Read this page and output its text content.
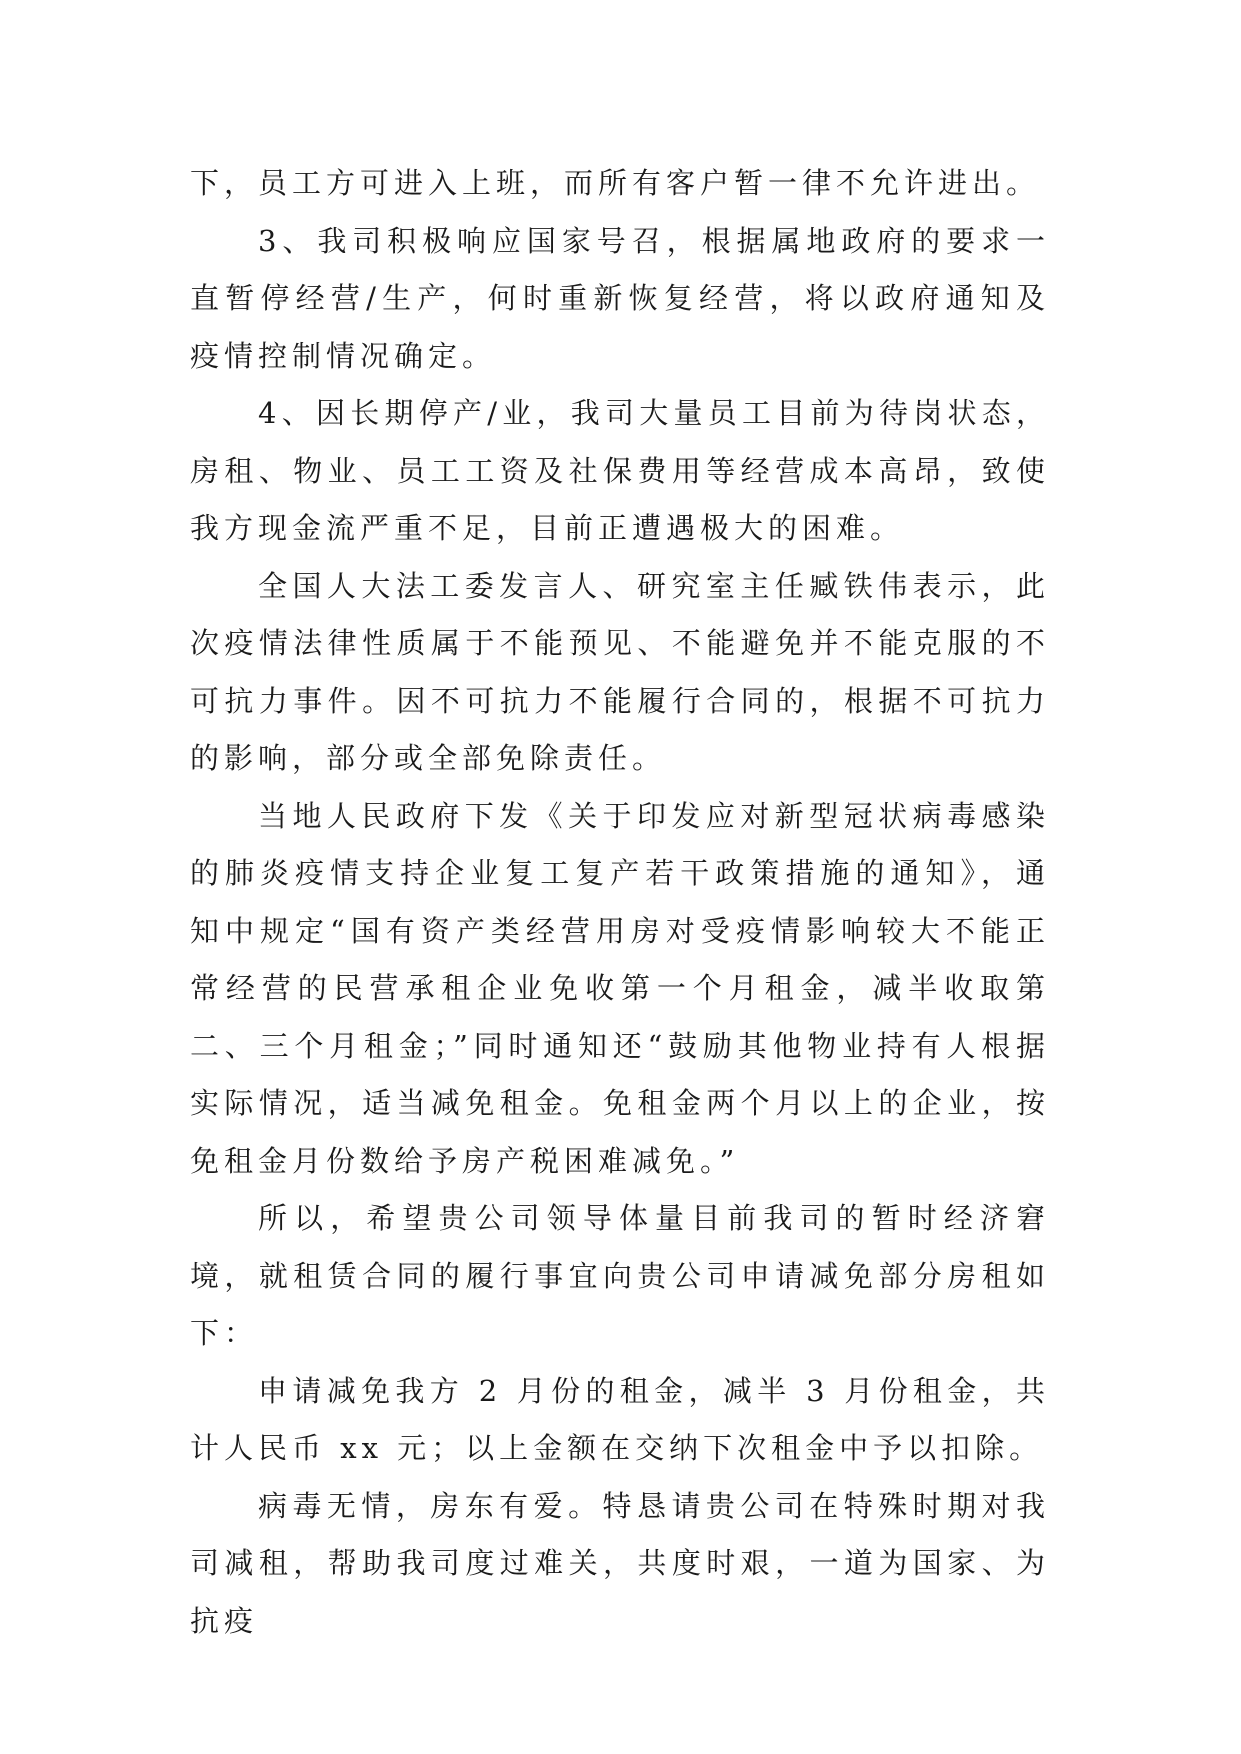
下，员工方可进入上班，而所有客户暂一律不允许进出。

3、我司积极响应国家号召，根据属地政府的要求一直暂停经营/生产，何时重新恢复经营，将以政府通知及疫情控制情况确定。

4、因长期停产/业，我司大量员工目前为待岗状态，房租、物业、员工工资及社保费用等经营成本高昂，致使我方现金流严重不足，目前正遭遇极大的困难。

全国人大法工委发言人、研究室主任臧铁伟表示，此次疫情法律性质属于不能预见、不能避免并不能克服的不可抗力事件。因不可抗力不能履行合同的，根据不可抗力的影响，部分或全部免除责任。

当地人民政府下发《关于印发应对新型冠状病毒感染的肺炎疫情支持企业复工复产若干政策措施的通知》，通知中规定“国有资产类经营用房对受疫情影响较大不能正常经营的民营承租企业免收第一个月租金，减半收取第二、三个月租金；”同时通知还“鼓励其他物业持有人根据实际情况，适当减免租金。免租金两个月以上的企业，按免租金月份数给予房产税困难减免。”

所以，希望贵公司领导体量目前我司的暂时经济窘境，就租赁合同的履行事宜向贵公司申请减免部分房租如下：

申请减免我方 2 月份的租金，减半 3 月份租金，共计人民币 xx 元；以上金额在交纳下次租金中予以扣除。

病毒无情，房东有爱。特恳请贵公司在特殊时期对我司减租，帮助我司度过难关，共度时艰，一道为国家、为抗疫
